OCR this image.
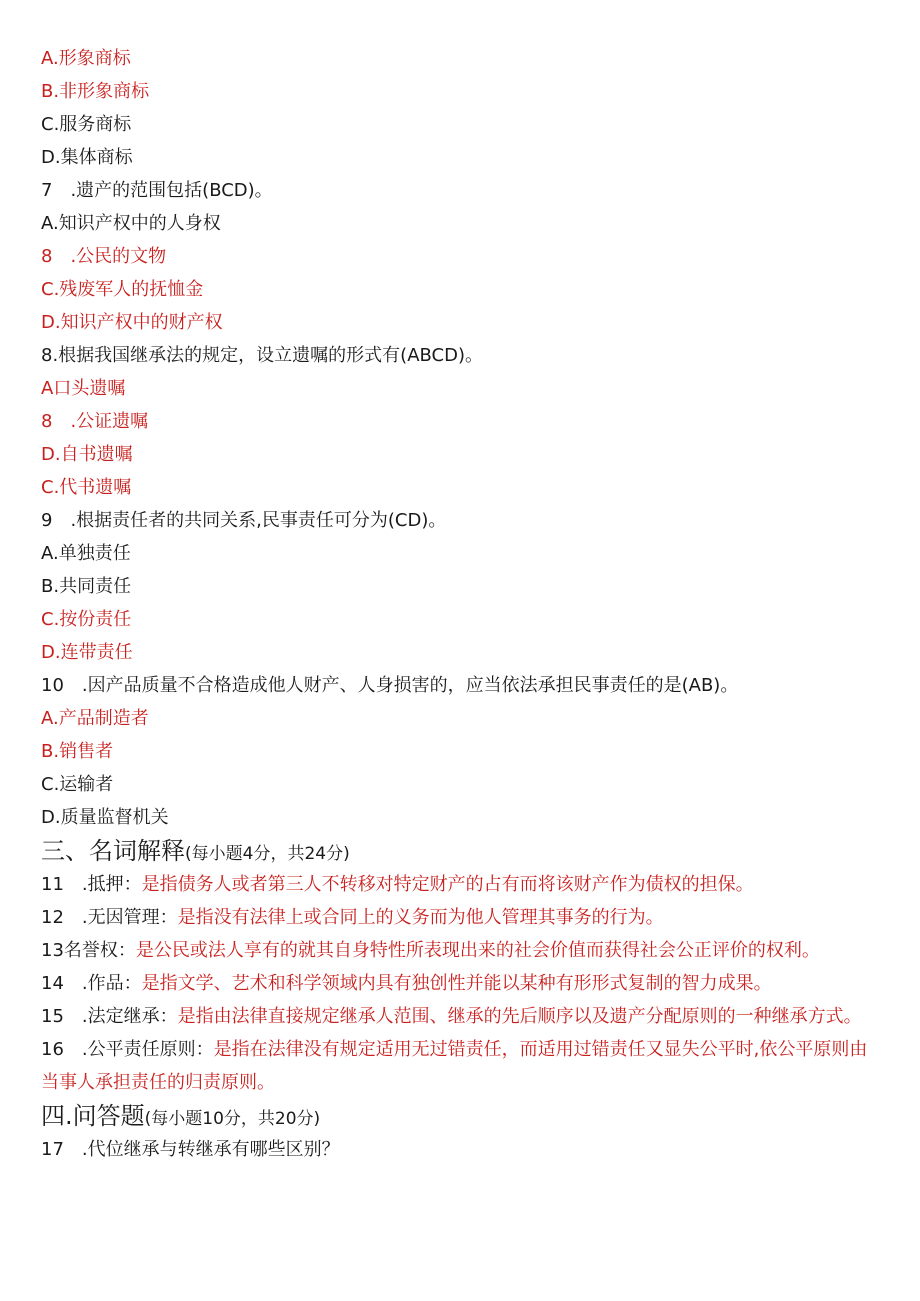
A.形象商标
B.非形象商标
C.服务商标
D.集体商标
7　.遗产的范围包括(BCD)。
A.知识产权中的人身权
8　.公民的文物
C.残废军人的抚恤金
D.知识产权中的财产权
8.根据我国继承法的规定，设立遗嘱的形式有(ABCD)。
A口头遗嘱
8　.公证遗嘱
D.自书遗嘱
C.代书遗嘱
9　.根据责任者的共同关系,民事责任可分为(CD)。
A.单独责任
B.共同责任
C.按份责任
D.连带责任
10　.因产品质量不合格造成他人财产、人身损害的，应当依法承担民事责任的是(AB)。
A.产品制造者
B.销售者
C.运输者
D.质量监督机关
三、名词解释(每小题4分，共24分)
11　.抵押：是指债务人或者第三人不转移对特定财产的占有而将该财产作为债权的担保。
12　.无因管理：是指没有法律上或合同上的义务而为他人管理其事务的行为。
13名誉权：是公民或法人享有的就其自身特性所表现出来的社会价值而获得社会公正评价的权利。
14　.作品：是指文学、艺术和科学领域内具有独创性并能以某种有形形式复制的智力成果。
15　.法定继承：是指由法律直接规定继承人范围、继承的先后顺序以及遗产分配原则的一种继承方式。
16　.公平责任原则：是指在法律没有规定适用无过错责任，而适用过错责任又显失公平时,依公平原则由当事人承担责任的归责原则。
四.问答题(每小题10分，共20分)
17　.代位继承与转继承有哪些区别？
